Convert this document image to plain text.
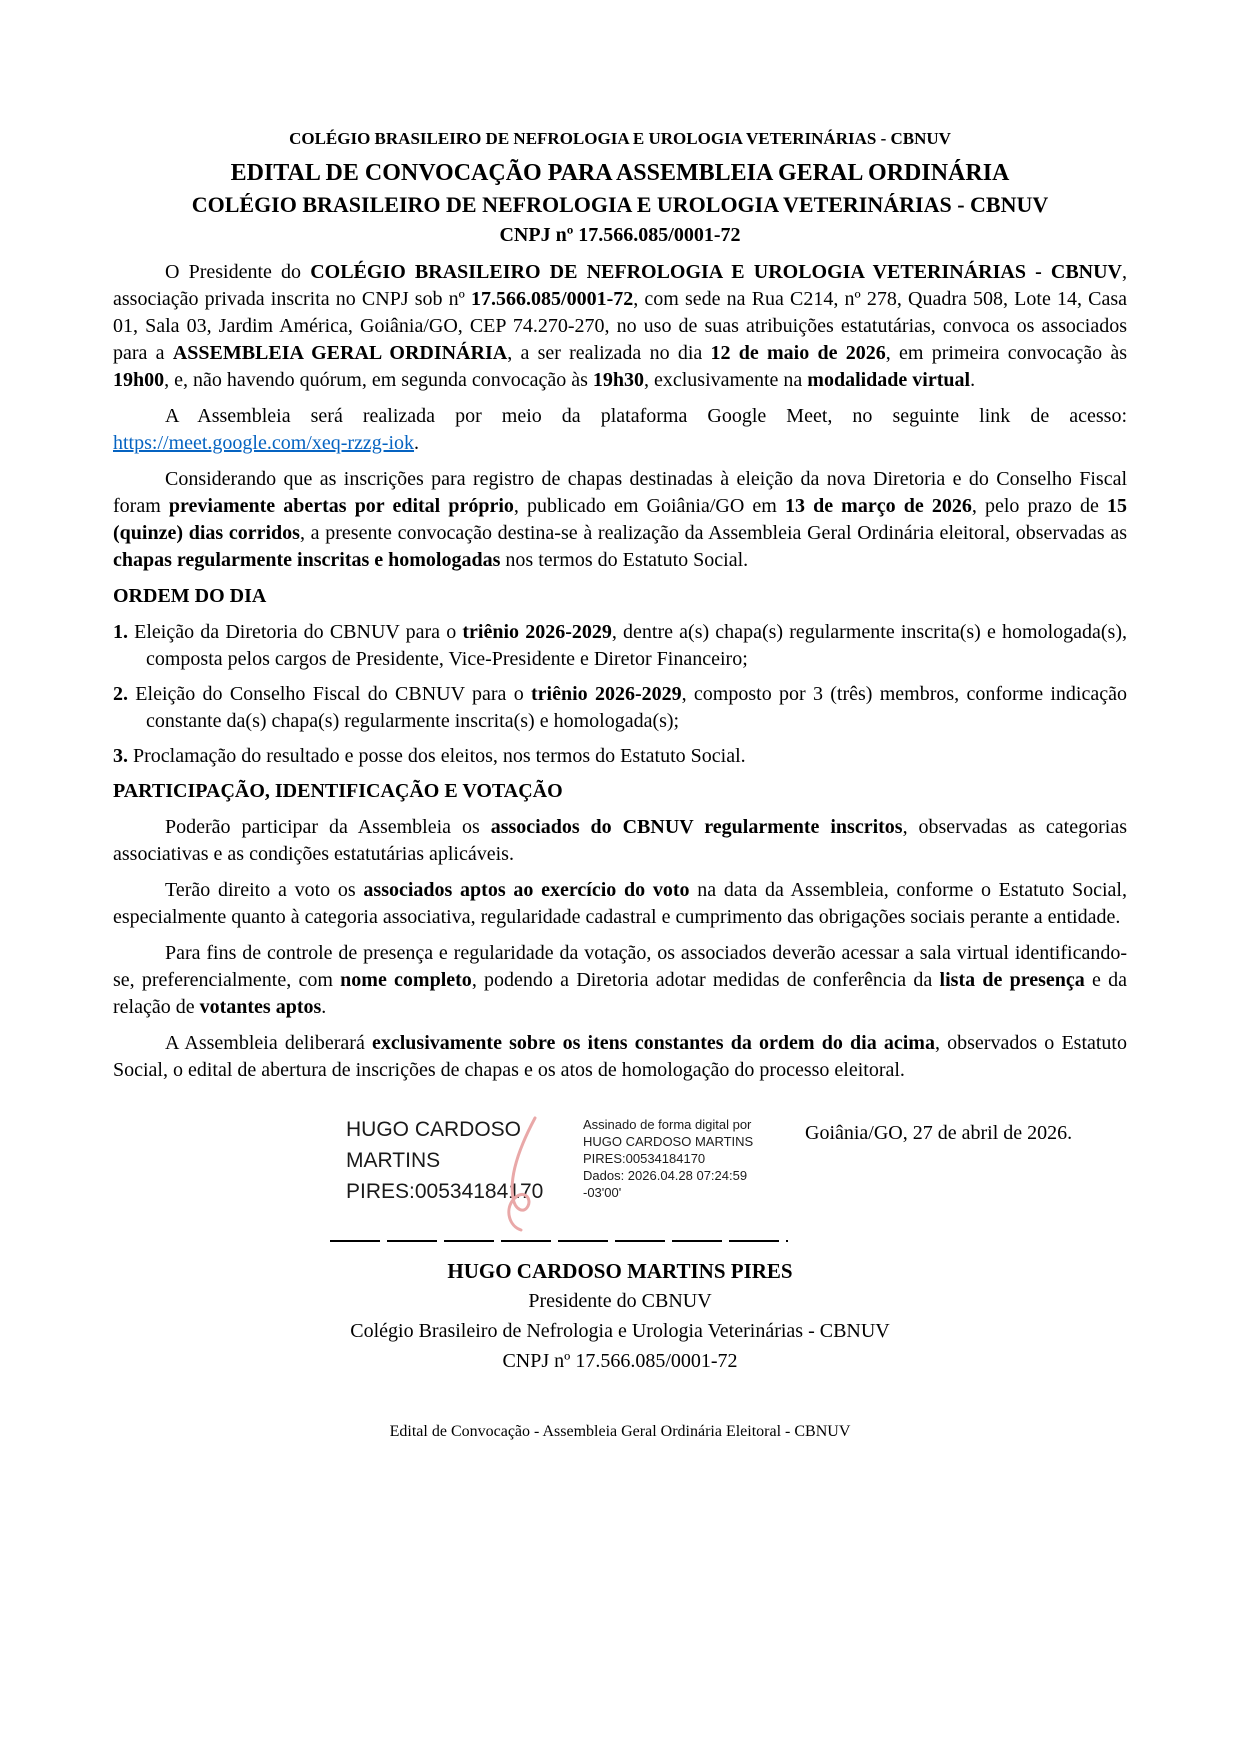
COLÉGIO BRASILEIRO DE NEFROLOGIA E UROLOGIA VETERINÁRIAS - CBNUV
EDITAL DE CONVOCAÇÃO PARA ASSEMBLEIA GERAL ORDINÁRIA
COLÉGIO BRASILEIRO DE NEFROLOGIA E UROLOGIA VETERINÁRIAS - CBNUV
CNPJ nº 17.566.085/0001-72

O Presidente do COLÉGIO BRASILEIRO DE NEFROLOGIA E UROLOGIA VETERINÁRIAS - CBNUV, associação privada inscrita no CNPJ sob nº 17.566.085/0001-72, com sede na Rua C214, nº 278, Quadra 508, Lote 14, Casa 01, Sala 03, Jardim América, Goiânia/GO, CEP 74.270-270, no uso de suas atribuições estatutárias, convoca os associados para a ASSEMBLEIA GERAL ORDINÁRIA, a ser realizada no dia 12 de maio de 2026, em primeira convocação às 19h00, e, não havendo quórum, em segunda convocação às 19h30, exclusivamente na modalidade virtual.

A Assembleia será realizada por meio da plataforma Google Meet, no seguinte link de acesso: https://meet.google.com/xeq-rzzg-iok.

Considerando que as inscrições para registro de chapas destinadas à eleição da nova Diretoria e do Conselho Fiscal foram previamente abertas por edital próprio, publicado em Goiânia/GO em 13 de março de 2026, pelo prazo de 15 (quinze) dias corridos, a presente convocação destina-se à realização da Assembleia Geral Ordinária eleitoral, observadas as chapas regularmente inscritas e homologadas nos termos do Estatuto Social.

ORDEM DO DIA
1. Eleição da Diretoria do CBNUV para o triênio 2026-2029, dentre a(s) chapa(s) regularmente inscrita(s) e homologada(s), composta pelos cargos de Presidente, Vice-Presidente e Diretor Financeiro;
2. Eleição do Conselho Fiscal do CBNUV para o triênio 2026-2029, composto por 3 (três) membros, conforme indicação constante da(s) chapa(s) regularmente inscrita(s) e homologada(s);
3. Proclamação do resultado e posse dos eleitos, nos termos do Estatuto Social.
PARTICIPAÇÃO, IDENTIFICAÇÃO E VOTAÇÃO

Poderão participar da Assembleia os associados do CBNUV regularmente inscritos, observadas as categorias associativas e as condições estatutárias aplicáveis.

Terão direito a voto os associados aptos ao exercício do voto na data da Assembleia, conforme o Estatuto Social, especialmente quanto à categoria associativa, regularidade cadastral e cumprimento das obrigações sociais perante a entidade.

Para fins de controle de presença e regularidade da votação, os associados deverão acessar a sala virtual identificando-se, preferencialmente, com nome completo, podendo a Diretoria adotar medidas de conferência da lista de presença e da relação de votantes aptos.

A Assembleia deliberará exclusivamente sobre os itens constantes da ordem do dia acima, observados o Estatuto Social, o edital de abertura de inscrições de chapas e os atos de homologação do processo eleitoral.

HUGO CARDOSO
MARTINS
PIRES:00534184170
Assinado de forma digital por
HUGO CARDOSO MARTINS
PIRES:00534184170
Dados: 2026.04.28 07:24:59
-03'00'
Goiânia/GO, 27 de abril de 2026.
HUGO CARDOSO MARTINS PIRES
Presidente do CBNUV
Colégio Brasileiro de Nefrologia e Urologia Veterinárias - CBNUV
CNPJ nº 17.566.085/0001-72
Edital de Convocação - Assembleia Geral Ordinária Eleitoral - CBNUV
